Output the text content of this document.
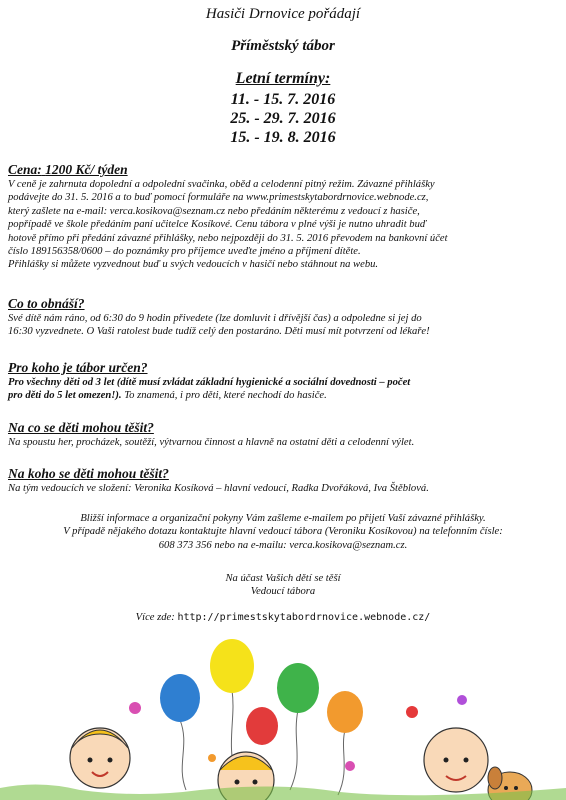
Hasiči Drnovice pořádají
Příměstský tábor
Letní termíny:
11. - 15. 7. 2016
25. - 29. 7. 2016
15. - 19. 8. 2016

Cena: 1200 Kč/ týden

V ceně je zahrnuta dopolední a odpolední svačinka, oběd a celodenní pitný režim. Závazné přihlášky

podávejte do 31. 5. 2016 a to buď pomocí formuláře na www.primestskytabordrnovice.webnode.cz,

který zašlete na e-mail: verca.kosikova@seznam.cz nebo předáním některému z vedoucí z hasiče,

popřípadě ve škole předáním paní učitelce Kosíkové. Cenu tábora v plné výši je nutno uhradit buď

hotově přímo při předání závazné přihlášky, nebo nejpozději do 31. 5. 2016 převodem na bankovní účet

číslo 189156358/0600 – do poznámky pro příjemce uveďte jméno a příjmení dítěte.

Přihlášky si můžete vyzvednout buď u svých vedoucích v hasičí nebo stáhnout na webu.

Co to obnáší?

Své dítě nám ráno, od 6:30 do 9 hodin přivedete (lze domluvit i dřívější čas) a odpoledne si jej do

16:30 vyzvednete. O Vaši ratolest bude tudíž celý den postaráno. Děti musí mít potvrzení od lékaře!

Pro koho je tábor určen?

Pro všechny děti od 3 let (dítě musí zvládat základní hygienické a sociální dovednosti – počet

pro děti do 5 let omezen!). To znamená, i pro děti, které nechodí do hasiče.

Na co se děti mohou těšit?

Na spoustu her, procházek, soutěží, výtvarnou činnost a hlavně na ostatní děti a celodenní výlet.

Na koho se děti mohou těšit?

Na tým vedoucích ve složení: Veronika Kosíková – hlavní vedoucí, Radka Dvořáková, Iva Štěblová.

Bližší informace a organizační pokyny Vám zašleme e-mailem po přijetí Vaší závazné přihlášky.
V případě nějakého dotazu kontaktujte hlavní vedoucí tábora (Veroniku Kosíkovou) na telefonním čísle:
608 373 356 nebo na e-mailu: verca.kosikova@seznam.cz.
Na účast Vašich dětí se těší
Vedoucí tábora
Více zde: http://primestskytabordrnovice.webnode.cz/
